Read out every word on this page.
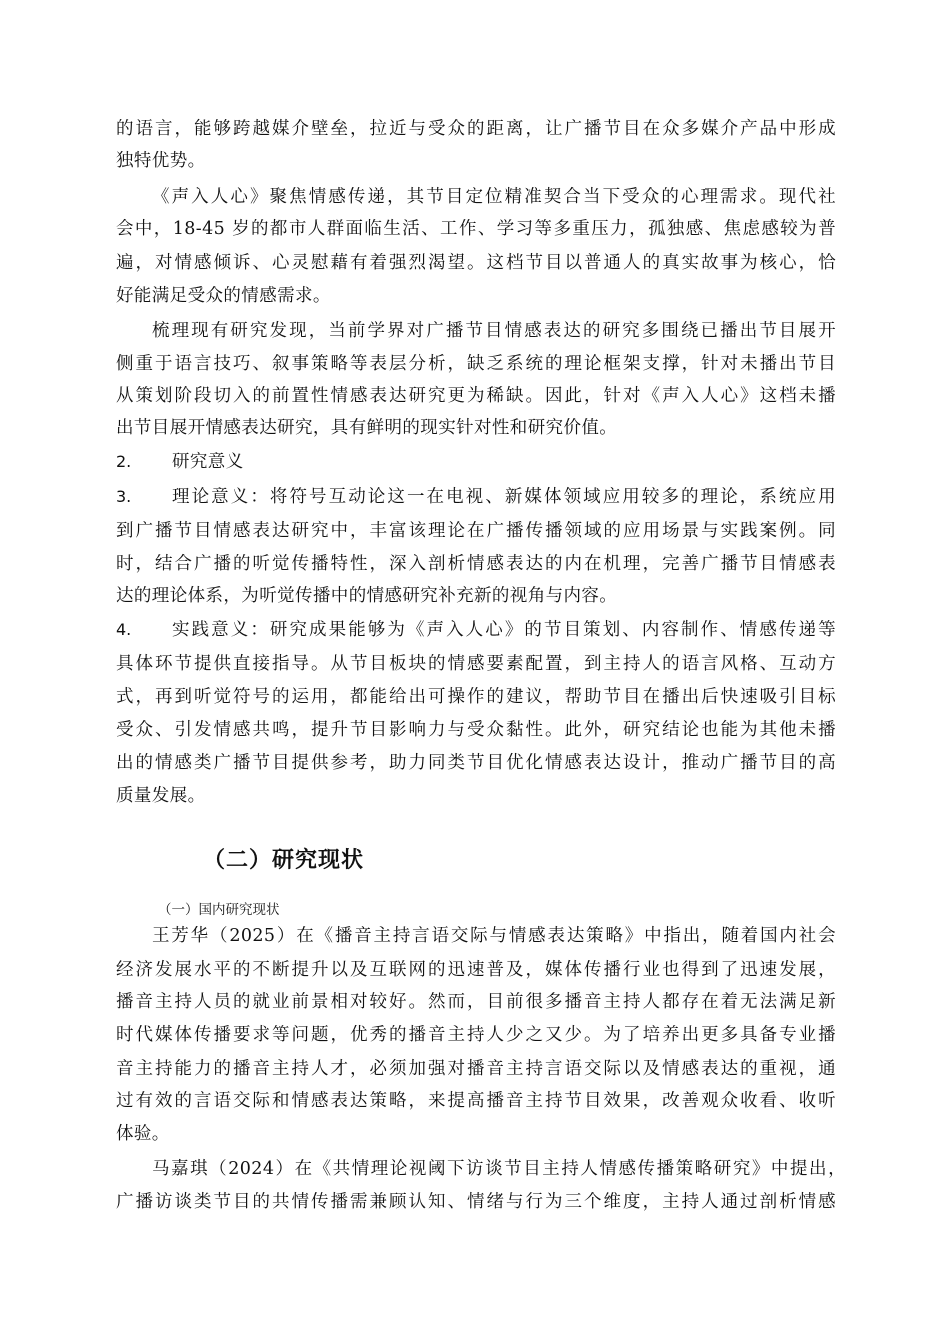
的语言，能够跨越媒介壁垒，拉近与受众的距离，让广播节目在众多媒介产品中形成
独特优势。
《声入人心》聚焦情感传递，其节目定位精准契合当下受众的心理需求。现代社
会中，18-45 岁的都市人群面临生活、工作、学习等多重压力，孤独感、焦虑感较为普
遍，对情感倾诉、心灵慰藉有着强烈渴望。这档节目以普通人的真实故事为核心，恰
好能满足受众的情感需求。
梳理现有研究发现，当前学界对广播节目情感表达的研究多围绕已播出节目展开
侧重于语言技巧、叙事策略等表层分析，缺乏系统的理论框架支撑，针对未播出节目
从策划阶段切入的前置性情感表达研究更为稀缺。因此，针对《声入人心》这档未播
出节目展开情感表达研究，具有鲜明的现实针对性和研究价值。
2. 研究意义
3. 理论意义：将符号互动论这一在电视、新媒体领域应用较多的理论，系统应用
到广播节目情感表达研究中，丰富该理论在广播传播领域的应用场景与实践案例。同
时，结合广播的听觉传播特性，深入剖析情感表达的内在机理，完善广播节目情感表
达的理论体系，为听觉传播中的情感研究补充新的视角与内容。
4. 实践意义：研究成果能够为《声入人心》的节目策划、内容制作、情感传递等
具体环节提供直接指导。从节目板块的情感要素配置，到主持人的语言风格、互动方
式，再到听觉符号的运用，都能给出可操作的建议，帮助节目在播出后快速吸引目标
受众、引发情感共鸣，提升节目影响力与受众黏性。此外，研究结论也能为其他未播
出的情感类广播节目提供参考，助力同类节目优化情感表达设计，推动广播节目的高
质量发展。
（二）研究现状
（一）国内研究现状
王芳华（2025）在《播音主持言语交际与情感表达策略》中指出，随着国内社会
经济发展水平的不断提升以及互联网的迅速普及，媒体传播行业也得到了迅速发展，
播音主持人员的就业前景相对较好。然而，目前很多播音主持人都存在着无法满足新
时代媒体传播要求等问题，优秀的播音主持人少之又少。为了培养出更多具备专业播
音主持能力的播音主持人才，必须加强对播音主持言语交际以及情感表达的重视，通
过有效的言语交际和情感表达策略，来提高播音主持节目效果，改善观众收看、收听
体验。
马嘉琪（2024）在《共情理论视阈下访谈节目主持人情感传播策略研究》中提出，
广播访谈类节目的共情传播需兼顾认知、情绪与行为三个维度，主持人通过剖析情感
